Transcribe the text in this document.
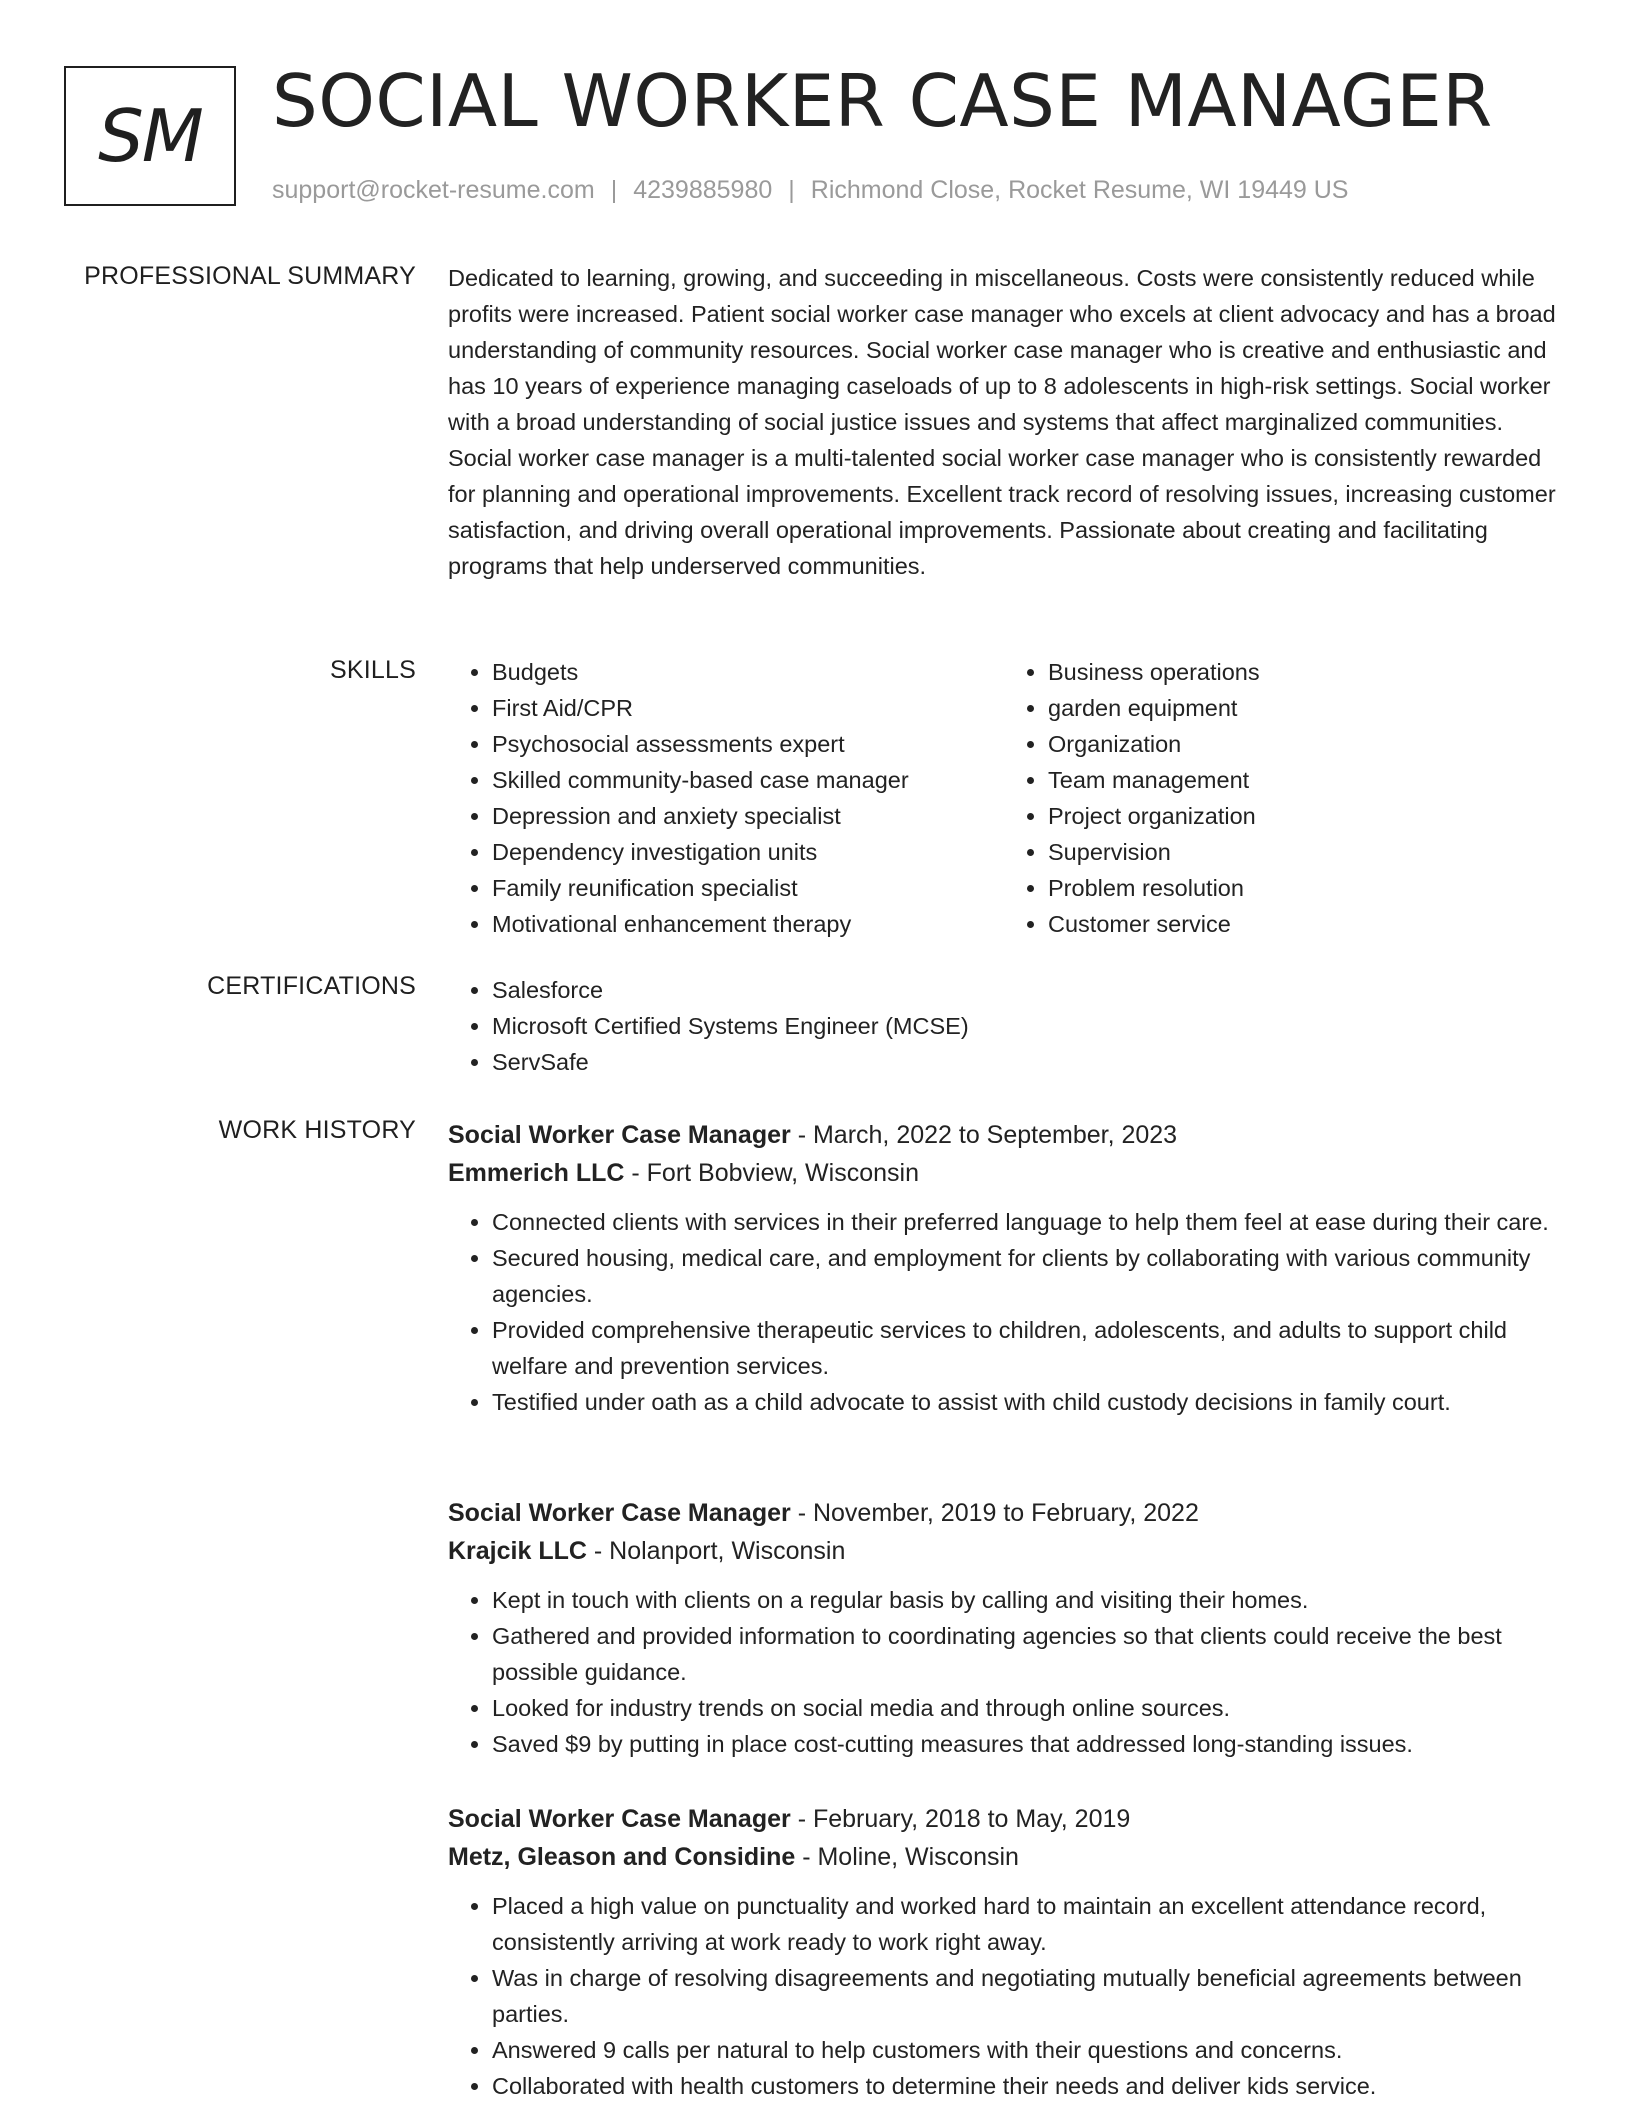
SM SOCIAL WORKER CASE MANAGER
support@rocket-resume.com | 4239885980 | Richmond Close, Rocket Resume, WI 19449 US
PROFESSIONAL SUMMARY Dedicated to learning, growing, and succeeding in miscellaneous. Costs were consistently reduced while profits were increased. Patient social worker case manager who excels at client advocacy and has a broad understanding of community resources. Social worker case manager who is creative and enthusiastic and has 10 years of experience managing caseloads of up to 8 adolescents in high-risk settings. Social worker with a broad understanding of social justice issues and systems that affect marginalized communities. Social worker case manager is a multi-talented social worker case manager who is consistently rewarded for planning and operational improvements. Excellent track record of resolving issues, increasing customer satisfaction, and driving overall operational improvements. Passionate about creating and facilitating programs that help underserved communities.

SKILLS	• Budgets
• First Aid/CPR
• Psychosocial assessments expert
• Skilled community-based case manager
• Depression and anxiety specialist
• Dependency investigation units
• Family reunification specialist
• Motivational enhancement therapy
• Business operations
• garden equipment
• Organization
• Team management
• Project organization
• Supervision
• Problem resolution
• Customer service
CERTIFICATIONS	• Salesforce
• Microsoft Certified Systems Engineer (MCSE)
• ServSafe
WORK HISTORY Social Worker Case Manager - March, 2022 to September, 2023
Emmerich LLC - Fort Bobview, Wisconsin
• Connected clients with services in their preferred language to help them feel at ease during their care.
• Secured housing, medical care, and employment for clients by collaborating with various community agencies.
• Provided comprehensive therapeutic services to children, adolescents, and adults to support child welfare and prevention services.
• Testified under oath as a child advocate to assist with child custody decisions in family court.
Social Worker Case Manager - November, 2019 to February, 2022
Krajcik LLC - Nolanport, Wisconsin
• Kept in touch with clients on a regular basis by calling and visiting their homes.
• Gathered and provided information to coordinating agencies so that clients could receive the best possible guidance.
• Looked for industry trends on social media and through online sources.
• Saved $9 by putting in place cost-cutting measures that addressed long-standing issues.
Social Worker Case Manager - February, 2018 to May, 2019
Metz, Gleason and Considine - Moline, Wisconsin
• Placed a high value on punctuality and worked hard to maintain an excellent attendance record, consistently arriving at work ready to work right away.
• Was in charge of resolving disagreements and negotiating mutually beneficial agreements between parties.
• Answered 9 calls per natural to help customers with their questions and concerns.
• Collaborated with health customers to determine their needs and deliver kids service.
